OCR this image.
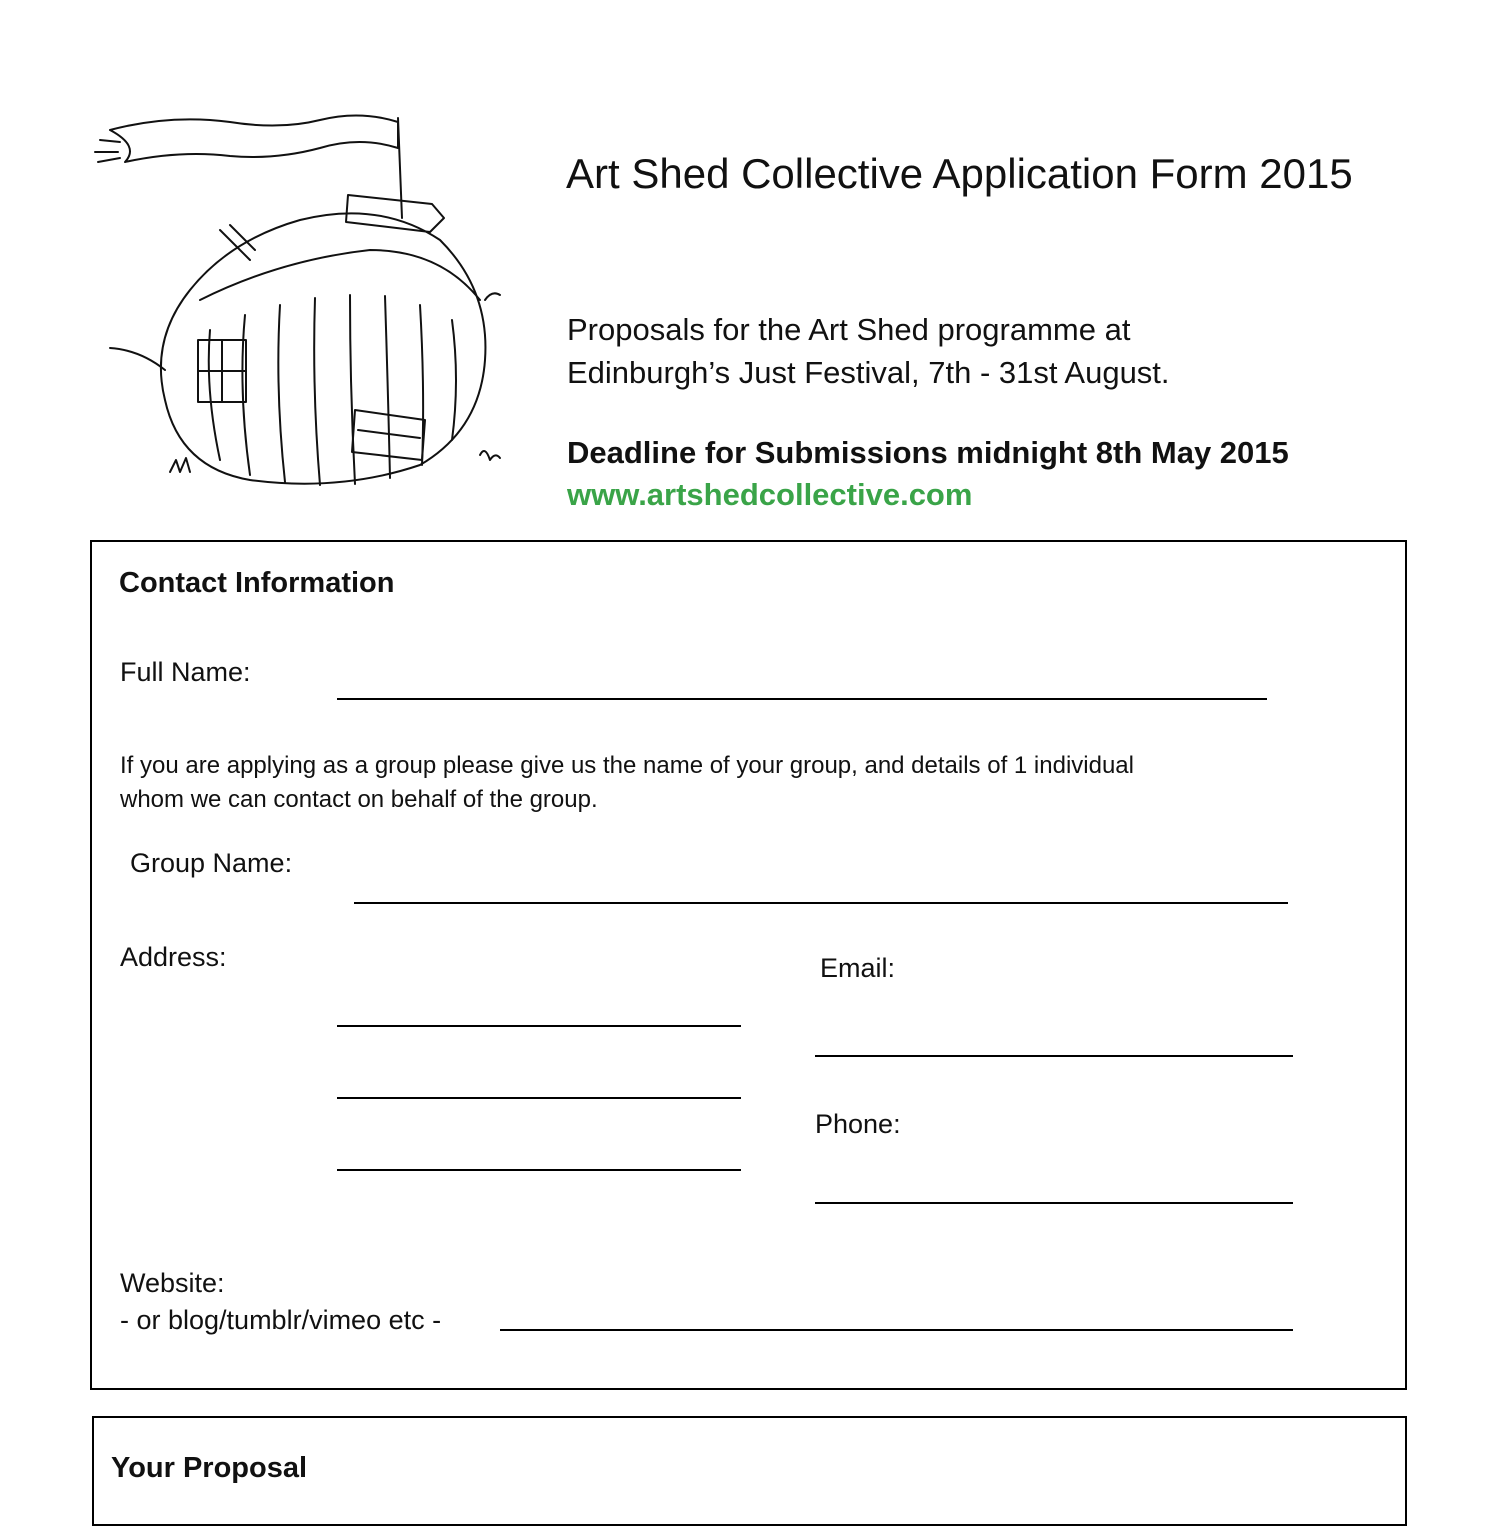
Art Shed Collective Application Form 2015
Proposals for the Art Shed programme at
Edinburgh’s Just Festival, 7th - 31st August.
Deadline for Submissions midnight 8th May 2015
www.artshedcollective.com
Contact Information
Full Name:
If you are applying as a group please give us the name of your group, and details of 1 individual
whom we can contact on behalf of the group.
Group Name:
Address:	Email:
Phone:
Website:
- or blog/tumblr/vimeo etc -
Your Proposal
